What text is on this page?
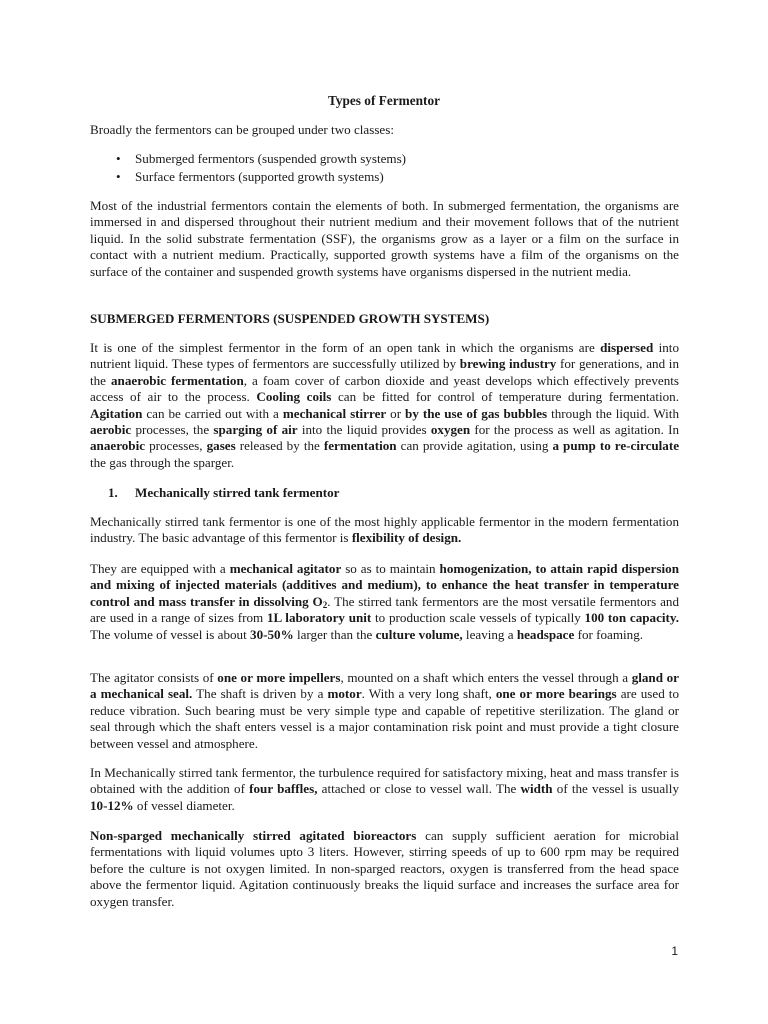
Types of Fermentor

Broadly the fermentors can be grouped under two classes:

• Submerged fermentors (suspended growth systems)
• Surface fermentors (supported growth systems)

Most of the industrial fermentors contain the elements of both. In submerged fermentation, the organisms are immersed in and dispersed throughout their nutrient medium and their movement follows that of the nutrient liquid. In the solid substrate fermentation (SSF), the organisms grow as a layer or a film on the surface in contact with a nutrient medium. Practically, supported growth systems have a film of the organisms on the surface of the container and suspended growth systems have organisms dispersed in the nutrient media.

SUBMERGED FERMENTORS (SUSPENDED GROWTH SYSTEMS)

It is one of the simplest fermentor in the form of an open tank in which the organisms are dispersed into nutrient liquid. These types of fermentors are successfully utilized by brewing industry for generations, and in the anaerobic fermentation, a foam cover of carbon dioxide and yeast develops which effectively prevents access of air to the process. Cooling coils can be fitted for control of temperature during fermentation. Agitation can be carried out with a mechanical stirrer or by the use of gas bubbles through the liquid. With aerobic processes, the sparging of air into the liquid provides oxygen for the process as well as agitation. In anaerobic processes, gases released by the fermentation can provide agitation, using a pump to re-circulate the gas through the sparger.

1. Mechanically stirred tank fermentor

Mechanically stirred tank fermentor is one of the most highly applicable fermentor in the modern fermentation industry. The basic advantage of this fermentor is flexibility of design.

They are equipped with a mechanical agitator so as to maintain homogenization, to attain rapid dispersion and mixing of injected materials (additives and medium), to enhance the heat transfer in temperature control and mass transfer in dissolving $O_2$. The stirred tank fermentors are the most versatile fermentors and are used in a range of sizes from 1L laboratory unit to production scale vessels of typically 100 ton capacity. The volume of vessel is about 30-50% larger than the culture volume, leaving a headspace for foaming.

The agitator consists of one or more impellers, mounted on a shaft which enters the vessel through a gland or a mechanical seal. The shaft is driven by a motor. With a very long shaft, one or more bearings are used to reduce vibration. Such bearing must be very simple type and capable of repetitive sterilization. The gland or seal through which the shaft enters vessel is a major contamination risk point and must provide a tight closure between vessel and atmosphere.

In Mechanically stirred tank fermentor, the turbulence required for satisfactory mixing, heat and mass transfer is obtained with the addition of four baffles, attached or close to vessel wall. The width of the vessel is usually 10-12% of vessel diameter.

Non-sparged mechanically stirred agitated bioreactors can supply sufficient aeration for microbial fermentations with liquid volumes upto 3 liters. However, stirring speeds of up to 600 rpm may be required before the culture is not oxygen limited. In non-sparged reactors, oxygen is transferred from the head space above the fermentor liquid. Agitation continuously breaks the liquid surface and increases the surface area for oxygen transfer.

1
